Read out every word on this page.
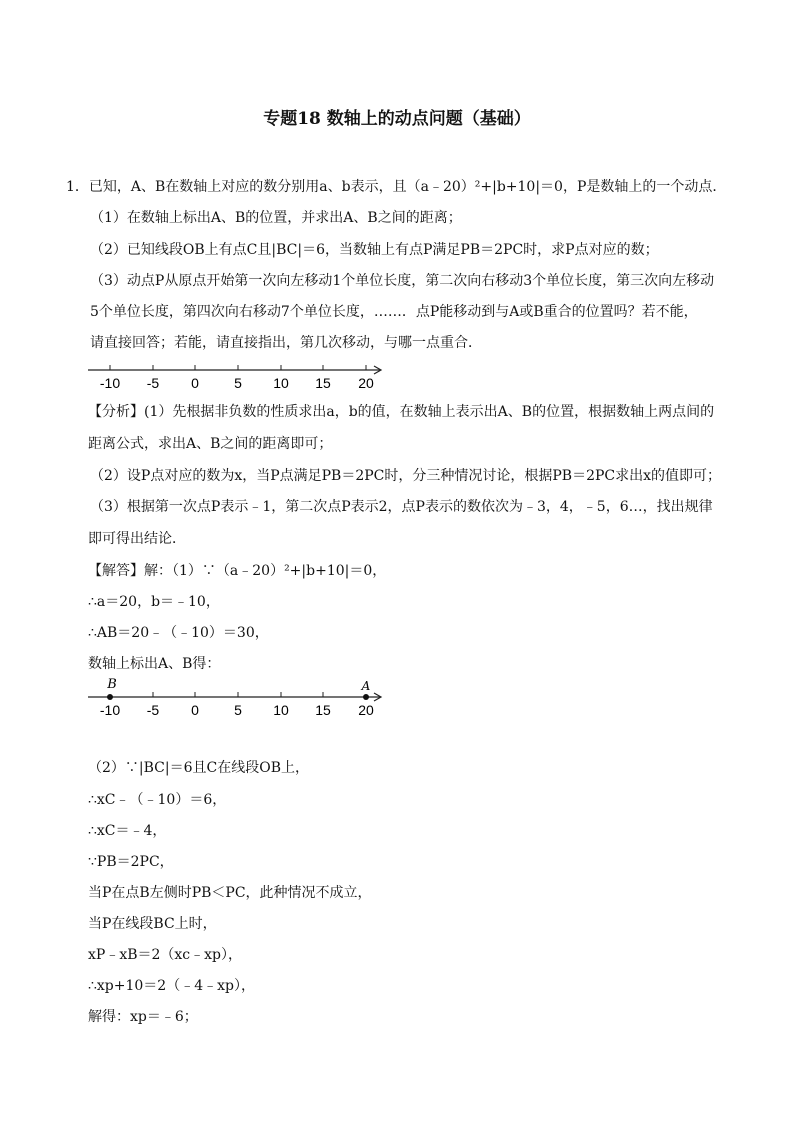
专题18 数轴上的动点问题（基础）
1．已知，A、B在数轴上对应的数分别用a、b表示，且（a﹣20）²+|b+10|＝0，P是数轴上的一个动点．
（1）在数轴上标出A、B的位置，并求出A、B之间的距离；
（2）已知线段OB上有点C且|BC|＝6，当数轴上有点P满足PB＝2PC时，求P点对应的数；
（3）动点P从原点开始第一次向左移动1个单位长度，第二次向右移动3个单位长度，第三次向左移动
5个单位长度，第四次向右移动7个单位长度，……．点P能移动到与A或B重合的位置吗？若不能，
请直接回答；若能，请直接指出，第几次移动，与哪一点重合．
-10 -5 0	5 10 15 20
【分析】(1）先根据非负数的性质求出a，b的值，在数轴上表示出A、B的位置，根据数轴上两点间的
距离公式，求出A、B之间的距离即可；
（2）设P点对应的数为x，当P点满足PB＝2PC时，分三种情况讨论，根据PB＝2PC求出x的值即可；
（3）根据第一次点P表示﹣1，第二次点P表示2，点P表示的数依次为﹣3，4，﹣5，6…，找出规律
即可得出结论．
【解答】解：（1）∵（a﹣20）²+|b+10|＝0，
∴a＝20，b＝﹣10，
∴AB＝20﹣（﹣10）＝30，
数轴上标出A、B得：
B	A
-10 -5 0	5 10 15 20
（2）∵|BC|＝6且C在线段OB上，
∴xC﹣（﹣10）＝6，
∴xC＝﹣4，
∵PB＝2PC，
当P在点B左侧时PB＜PC，此种情况不成立，
当P在线段BC上时，
xP﹣xB＝2（xc﹣xp），
∴xp+10＝2（﹣4﹣xp），
解得：xp＝﹣6；
